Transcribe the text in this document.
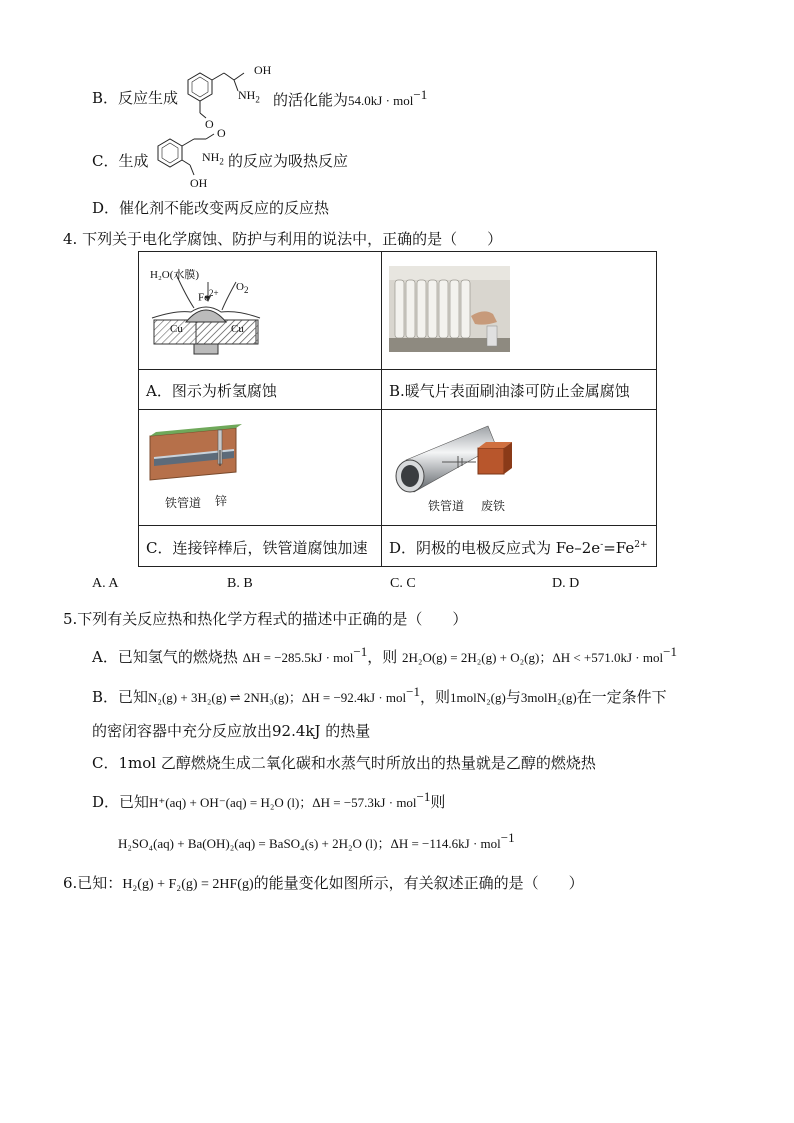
B．反应生成
OH
$NH_2$
O
的活化能为54.0kJ · mol$^{-1}$
C．生成
O
$NH_2$
OH
的反应为吸热反应
D．催化剂不能改变两反应的反应热
4. 下列关于电化学腐蚀、防护与利用的说法中，正确的是（　　）
H₂O(水膜)
$Fe^{2+}$ $O_2$
Cu	Cu
A．图示为析氢腐蚀	B.暖气片表面刷油漆可防止金属腐蚀
铁管道 锌	铁管道 废铁
C．连接锌棒后，铁管道腐蚀加速 D．阴极的电极反应式为 $Fe-2e^-=Fe^{2+}$
A. A	B. B	C. C	D. D
5.下列有关反应热和热化学方程式的描述中正确的是（　　）
A．已知氢气的燃烧热 ΔH = −285.5kJ · mol$^{-1}$，则 2H₂O(g) = 2H₂(g) + O₂(g)；ΔH < +571.0kJ · mol$^{-1}$
B．已知N₂(g) + 3H₂(g) ⇌ 2NH₃(g)；ΔH = −92.4kJ · mol$^{-1}$，则1molN₂(g)与3molH₂(g)在一定条件下
的密闭容器中充分反应放出92.4kJ 的热量
C．1mol 乙醇燃烧生成二氧化碳和水蒸气时所放出的热量就是乙醇的燃烧热
D．已知H⁺(aq) + OH⁻(aq) = H₂O (l)；ΔH = −57.3kJ · mol$^{-1}$则
H₂SO₄(aq) + Ba(OH)₂(aq) = BaSO₄(s) + 2H₂O (l)；ΔH = −114.6kJ · mol$^{-1}$
6.已知：H₂(g) + F₂(g) = 2HF(g)的能量变化如图所示，有关叙述正确的是（　　）
